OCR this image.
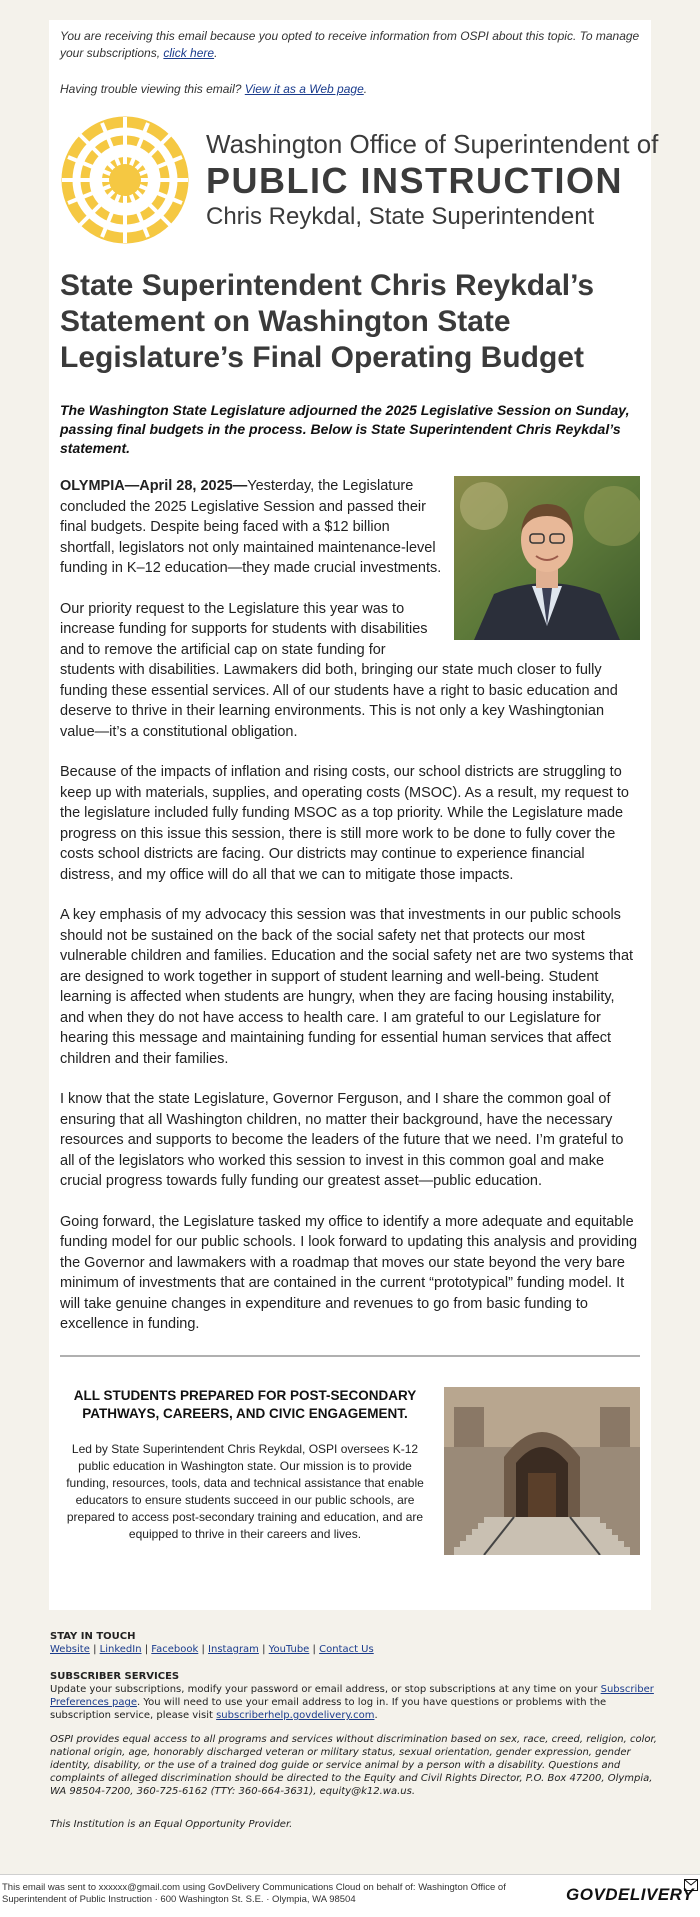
You are receiving this email because you opted to receive information from OSPI about this topic. To manage your subscriptions, click here.

Having trouble viewing this email? View it as a Web page.

Washington Office of Superintendent of
PUBLIC INSTRUCTION
Chris Reykdal, State Superintendent
State Superintendent Chris Reykdal’s Statement on Washington State Legislature’s Final Operating Budget

The Washington State Legislature adjourned the 2025 Legislative Session on Sunday, passing final budgets in the process. Below is State Superintendent Chris Reykdal’s statement.

OLYMPIA—April 28, 2025—Yesterday, the Legislature concluded the 2025 Legislative Session and passed their final budgets. Despite being faced with a $12 billion shortfall, legislators not only maintained maintenance-level funding in K–12 education—they made crucial investments.

Our priority request to the Legislature this year was to increase funding for supports for students with disabilities and to remove the artificial cap on state funding for students with disabilities. Lawmakers did both, bringing our state much closer to fully funding these essential services. All of our students have a right to basic education and deserve to thrive in their learning environments. This is not only a key Washingtonian value—it’s a constitutional obligation.

Because of the impacts of inflation and rising costs, our school districts are struggling to keep up with materials, supplies, and operating costs (MSOC). As a result, my request to the legislature included fully funding MSOC as a top priority. While the Legislature made progress on this issue this session, there is still more work to be done to fully cover the costs school districts are facing. Our districts may continue to experience financial distress, and my office will do all that we can to mitigate those impacts.

A key emphasis of my advocacy this session was that investments in our public schools should not be sustained on the back of the social safety net that protects our most vulnerable children and families. Education and the social safety net are two systems that are designed to work together in support of student learning and well-being. Student learning is affected when students are hungry, when they are facing housing instability, and when they do not have access to health care. I am grateful to our Legislature for hearing this message and maintaining funding for essential human services that affect children and their families.

I know that the state Legislature, Governor Ferguson, and I share the common goal of ensuring that all Washington children, no matter their background, have the necessary resources and supports to become the leaders of the future that we need. I’m grateful to all of the legislators who worked this session to invest in this common goal and make crucial progress towards fully funding our greatest asset—public education.

Going forward, the Legislature tasked my office to identify a more adequate and equitable funding model for our public schools. I look forward to updating this analysis and providing the Governor and lawmakers with a roadmap that moves our state beyond the very bare minimum of investments that are contained in the current “prototypical” funding model. It will take genuine changes in expenditure and revenues to go from basic funding to excellence in funding.

ALL STUDENTS PREPARED FOR POST-SECONDARY PATHWAYS, CAREERS, AND CIVIC ENGAGEMENT.

Led by State Superintendent Chris Reykdal, OSPI oversees K-12 public education in Washington state. Our mission is to provide funding, resources, tools, data and technical assistance that enable educators to ensure students succeed in our public schools, are prepared to access post-secondary training and education, and are equipped to thrive in their careers and lives.
STAY IN TOUCH
Website | LinkedIn | Facebook | Instagram | YouTube | Contact Us
SUBSCRIBER SERVICES
Update your subscriptions, modify your password or email address, or stop subscriptions at any time on your Subscriber Preferences page. You will need to use your email address to log in. If you have questions or problems with the subscription service, please visit subscriberhelp.govdelivery.com.
OSPI provides equal access to all programs and services without discrimination based on sex, race, creed, religion, color, national origin, age, honorably discharged veteran or military status, sexual orientation, gender expression, gender identity, disability, or the use of a trained dog guide or service animal by a person with a disability. Questions and complaints of alleged discrimination should be directed to the Equity and Civil Rights Director, P.O. Box 47200, Olympia, WA 98504-7200, 360-725-6162 (TTY: 360-664-3631), equity@k12.wa.us.
This Institution is an Equal Opportunity Provider.
This email was sent to xxxxxx@gmail.com using GovDelivery Communications Cloud on behalf of: Washington Office of Superintendent of Public Instruction · 600 Washington St. S.E. · Olympia, WA 98504	GOVDELIVERY
